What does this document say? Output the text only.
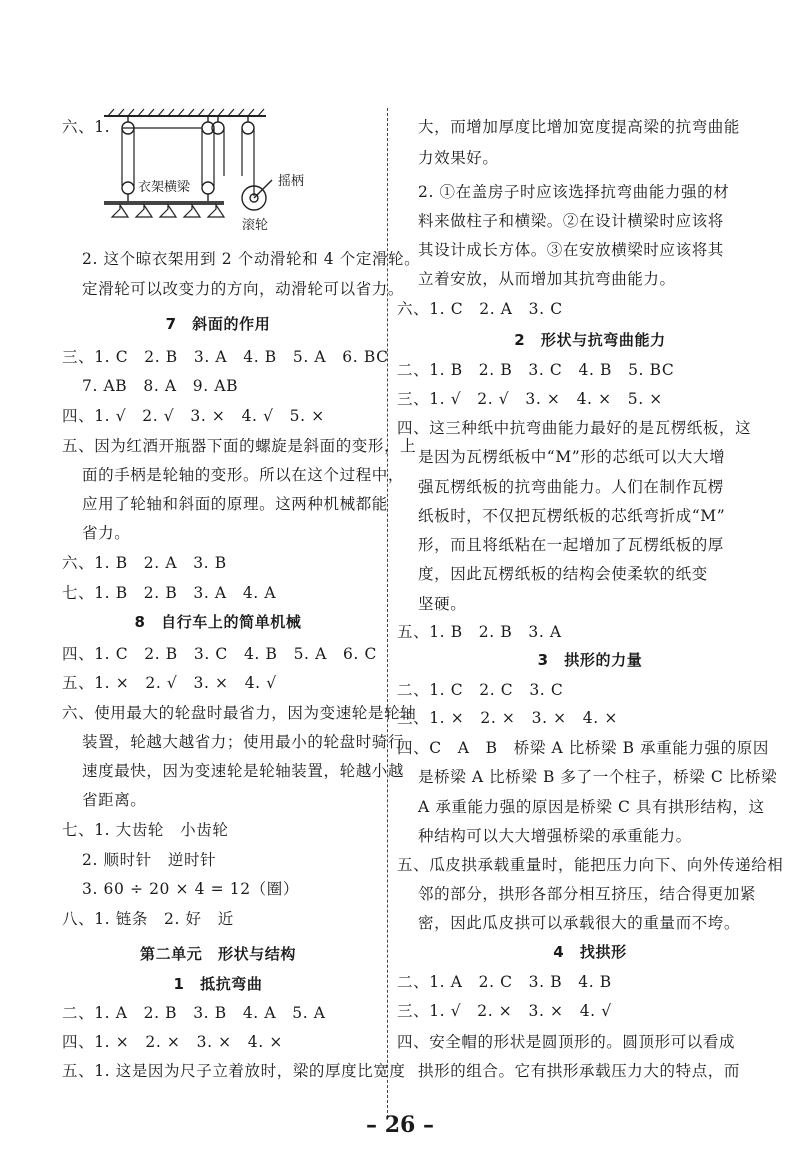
六、1.
2. 这个晾衣架用到 2 个动滑轮和 4 个定滑轮。
定滑轮可以改变力的方向，动滑轮可以省力。
7　斜面的作用
三、1. C　2. B　3. A　4. B　5. A　6. BC
7. AB　8. A　9. AB
四、1. √　2. √　3. ×　4. √　5. ×
五、因为红酒开瓶器下面的螺旋是斜面的变形，上
面的手柄是轮轴的变形。所以在这个过程中，
应用了轮轴和斜面的原理。这两种机械都能
省力。
六、1. B　2. A　3. B
七、1. B　2. B　3. A　4. A
8　自行车上的简单机械
四、1. C　2. B　3. C　4. B　5. A　6. C
五、1. ×　2. √　3. ×　4. √
六、使用最大的轮盘时最省力，因为变速轮是轮轴
装置，轮越大越省力；使用最小的轮盘时骑行
速度最快，因为变速轮是轮轴装置，轮越小越
省距离。
七、1. 大齿轮　小齿轮
2. 顺时针　逆时针
3. 60 ÷ 20 × 4 = 12（圈）
八、1. 链条　2. 好　近
第二单元　形状与结构
1　抵抗弯曲
二、1. A　2. B　3. B　4. A　5. A
四、1. ×　2. ×　3. ×　4. ×
五、1. 这是因为尺子立着放时，梁的厚度比宽度
大，而增加厚度比增加宽度提高梁的抗弯曲能
力效果好。
2. ①在盖房子时应该选择抗弯曲能力强的材
料来做柱子和横梁。②在设计横梁时应该将
其设计成长方体。③在安放横梁时应该将其
立着安放，从而增加其抗弯曲能力。
六、1. C　2. A　3. C
2　形状与抗弯曲能力
二、1. B　2. B　3. C　4. B　5. BC
三、1. √　2. √　3. ×　4. ×　5. ×
四、这三种纸中抗弯曲能力最好的是瓦楞纸板，这
是因为瓦楞纸板中“M”形的芯纸可以大大增
强瓦楞纸板的抗弯曲能力。人们在制作瓦楞
纸板时，不仅把瓦楞纸板的芯纸弯折成“M”
形，而且将纸粘在一起增加了瓦楞纸板的厚
度，因此瓦楞纸板的结构会使柔软的纸变
坚硬。
五、1. B　2. B　3. A
3　拱形的力量
二、1. C　2. C　3. C
三、1. ×　2. ×　3. ×　4. ×
四、C　A　B　桥梁 A 比桥梁 B 承重能力强的原因
是桥梁 A 比桥梁 B 多了一个柱子，桥梁 C 比桥梁
A 承重能力强的原因是桥梁 C 具有拱形结构，这
种结构可以大大增强桥梁的承重能力。
五、瓜皮拱承载重量时，能把压力向下、向外传递给相
邻的部分，拱形各部分相互挤压，结合得更加紧
密，因此瓜皮拱可以承载很大的重量而不垮。
4　找拱形
二、1. A　2. C　3. B　4. B
三、1. √　2. ×　3. ×　4. √
四、安全帽的形状是圆顶形的。圆顶形可以看成
拱形的组合。它有拱形承载压力大的特点，而
衣架横梁	摇柄
滚轮
– 26 –
